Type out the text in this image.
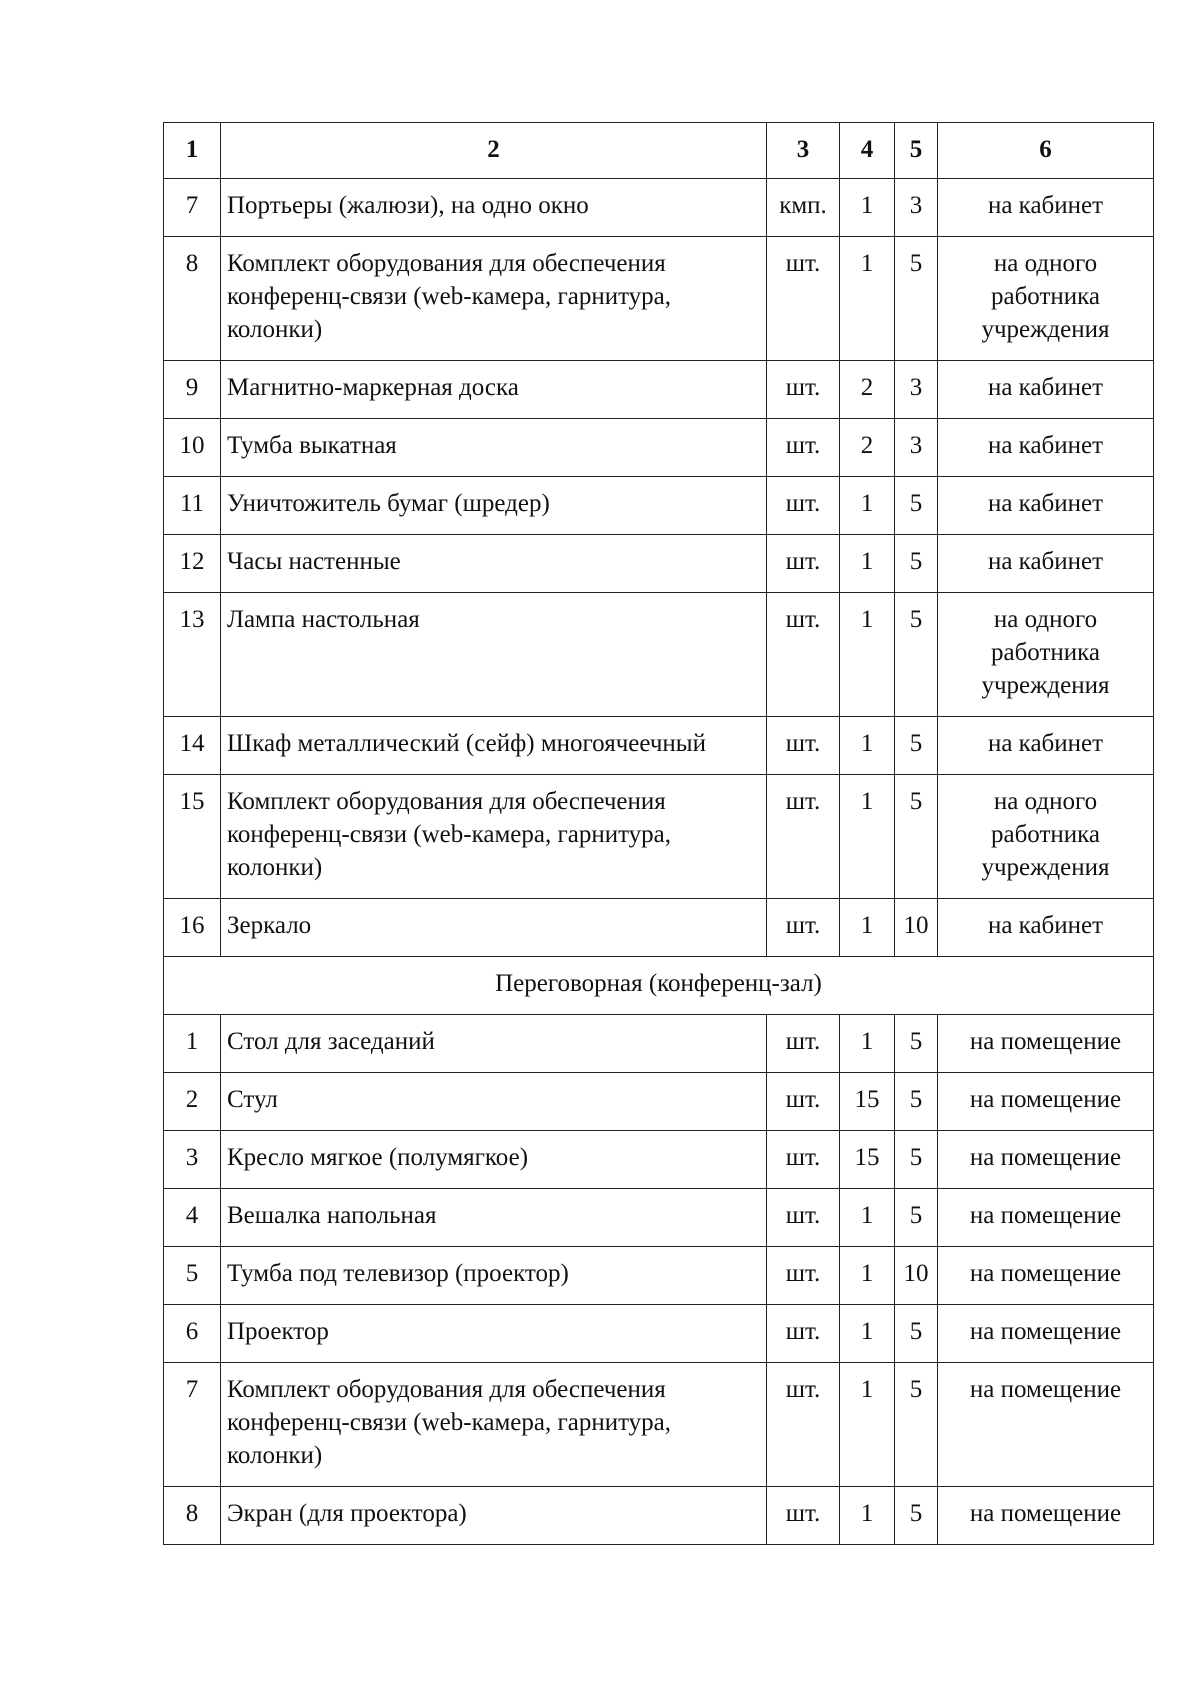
1	2	3	4	5	6
7	Портьеры (жалюзи), на одно окно	кмп.	1	3	на кабинет
8	Комплект оборудования для обеспечения конференц-связи (web-камера, гарнитура, колонки)	шт.	1	5	на одного работника учреждения
9	Магнитно-маркерная доска	шт.	2	3	на кабинет
10	Тумба выкатная	шт.	2	3	на кабинет
11	Уничтожитель бумаг (шредер)	шт.	1	5	на кабинет
12	Часы настенные	шт.	1	5	на кабинет
13	Лампа настольная	шт.	1	5	на одного работника учреждения
14	Шкаф металлический (сейф) многоячеечный	шт.	1	5	на кабинет
15	Комплект оборудования для обеспечения конференц-связи (web-камера, гарнитура, колонки)	шт.	1	5	на одного работника учреждения
16	Зеркало	шт.	1	10	на кабинет
Переговорная (конференц-зал)					
1	Стол для заседаний	шт.	1	5	на помещение
2	Стул	шт.	15	5	на помещение
3	Кресло мягкое (полумягкое)	шт.	15	5	на помещение
4	Вешалка напольная	шт.	1	5	на помещение
5	Тумба под телевизор (проектор)	шт.	1	10	на помещение
6	Проектор	шт.	1	5	на помещение
7	Комплект оборудования для обеспечения конференц-связи (web-камера, гарнитура, колонки)	шт.	1	5	на помещение
8	Экран (для проектора)	шт.	1	5	на помещение
